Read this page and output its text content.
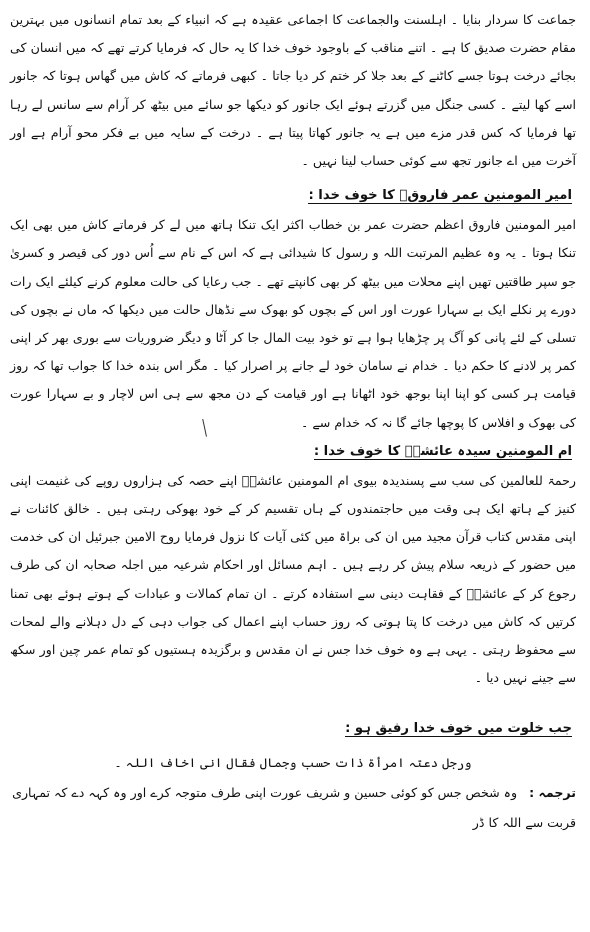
جماعت کا سردار بنایا ۔ اہلسنت والجماعت کا اجماعی عقیدہ ہے کہ انبیاء کے بعد تمام انسانوں میں بہترین مقام حضرت صدیق کا ہے ۔ اتنے مناقب کے باوجود خوف خدا کا یہ حال کہ فرمایا کرتے تھے کہ میں انسان کی بجائے درخت ہوتا جسے کاٹنے کے بعد جلا کر ختم کر دیا جاتا ۔ کبھی فرماتے کہ کاش میں گھاس ہوتا کہ جانور اسے کھا لیتے ۔ کسی جنگل میں گزرتے ہوئے ایک جانور کو دیکھا جو سائے میں بیٹھ کر آرام سے سانس لے رہا تھا فرمایا کہ کس قدر مزے میں ہے یہ جانور کھاتا پیتا ہے ۔ درخت کے سایہ میں بے فکر محو آرام ہے اور آخرت میں اے جانور تجھ سے کوئی حساب لینا نہیں ۔

امیر المومنین عمر فاروقؓ کا خوف خدا :

امیر المومنین فاروق اعظم حضرت عمر بن خطاب اکثر ایک تنکا ہاتھ میں لے کر فرماتے کاش میں بھی ایک تنکا ہوتا ۔ یہ وہ عظیم المرتبت اللہ و رسول کا شیدائی ہے کہ اس کے نام سے اُس دور کی قیصر و کسریٰ جو سپر طاقتیں تھیں اپنے محلات میں بیٹھ کر بھی کانپتے تھے ۔ جب رعایا کی حالت معلوم کرنے کیلئے ایک رات دورے پر نکلے ایک بے سہارا عورت اور اس کے بچوں کو بھوک سے نڈھال حالت میں دیکھا کہ ماں نے بچوں کی تسلی کے لئے پانی کو آگ پر چڑھایا ہوا ہے تو خود بیت المال جا کر آٹا و دیگر ضروریات سے بوری بھر کر اپنی کمر پر لادنے کا حکم دیا ۔ خدام نے سامان خود لے جانے پر اصرار کیا ۔ مگر اس بندہ خدا کا جواب تھا کہ روز قیامت ہر کسی کو اپنا اپنا بوجھ خود اٹھانا ہے اور قیامت کے دن مجھ سے ہی اس لاچار و بے سہارا عورت کی بھوک و افلاس کا پوچھا جائے گا نہ کہ خدام سے ۔

ام المومنین سیدہ عائشہؓ کا خوف خدا :

رحمۃ للعالمین کی سب سے پسندیدہ بیوی ام المومنین عائشہؓ اپنے حصہ کی ہزاروں روپے کی غنیمت اپنی کنیز کے ہاتھ ایک ہی وقت میں حاجتمندوں کے ہاں تقسیم کر کے خود بھوکی رہتی ہیں ۔ خالق کائنات نے اپنی مقدس کتاب قرآن مجید میں ان کی براۃ میں کئی آیات کا نزول فرمایا روح الامین جبرئیل ان کی خدمت میں حضور کے ذریعہ سلام پیش کر رہے ہیں ۔ اہم مسائل اور احکام شرعیہ میں اجلہ صحابہ ان کی طرف رجوع کر کے عائشہؓ کے فقاہت دینی سے استفادہ کرتے ۔ ان تمام کمالات و عبادات کے ہوتے ہوئے بھی تمنا کرتیں کہ کاش میں درخت کا پتا ہوتی کہ روز حساب اپنے اعمال کی جواب دہی کے دل دہلانے والے لمحات سے محفوظ رہتی ۔ یہی ہے وہ خوف خدا جس نے ان مقدس و برگزیدہ ہستیوں کو تمام عمر چین اور سکھ سے جینے نہیں دیا ۔

جب خلوت میں خوف خدا رفیق ہو :

ورجل دعتہ امرأۃ ذات حسب وجمال فقال انی اخاف اللہ ۔

ترجمہ :وہ شخص جس کو کوئی حسین و شریف عورت اپنی طرف متوجہ کرے اور وہ کہہ دے کہ تمہاری قربت سے اللہ کا ڈر
